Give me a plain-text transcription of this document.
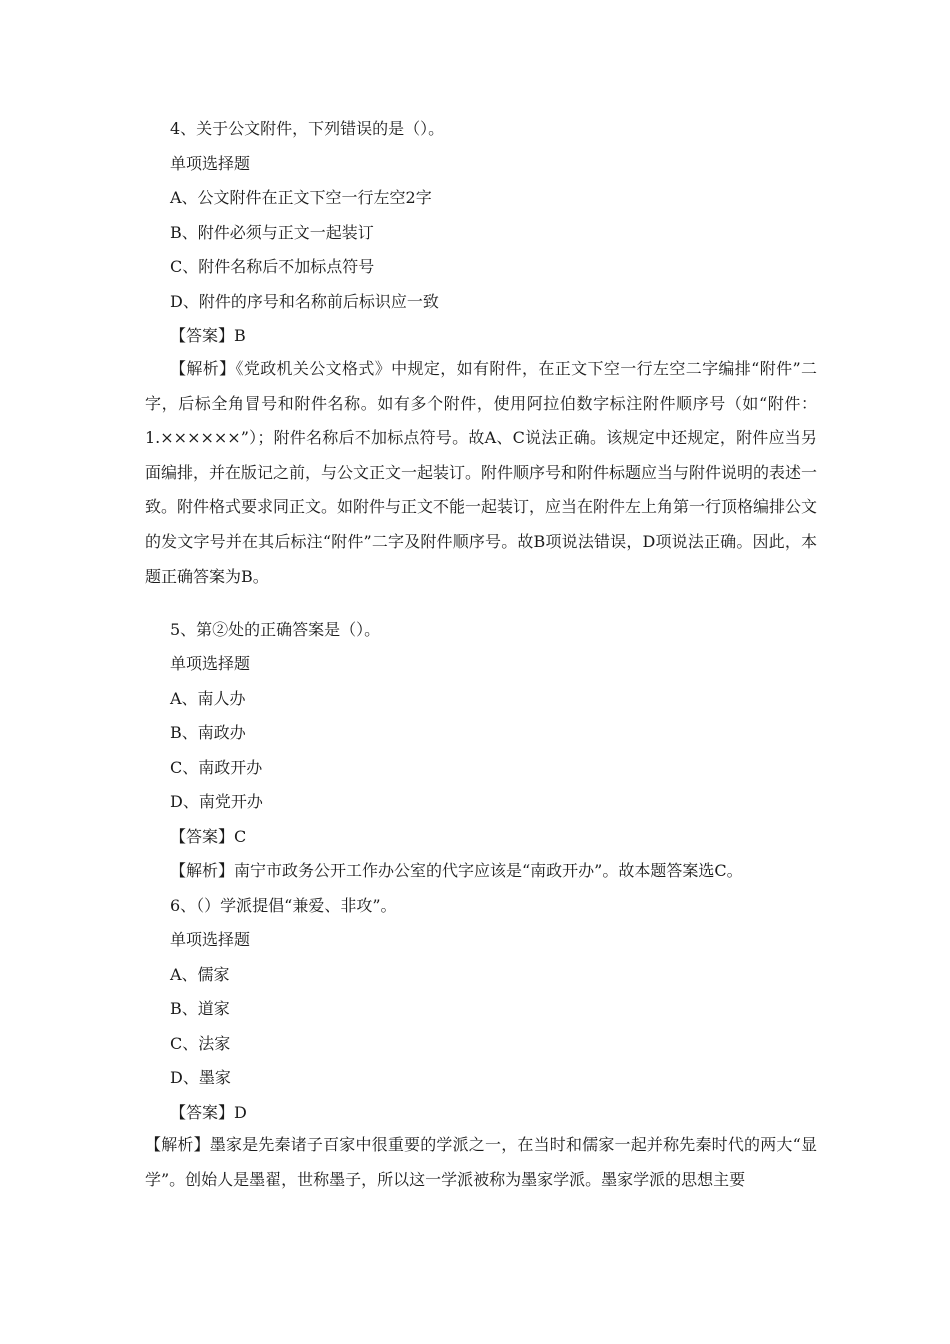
4、关于公文附件，下列错误的是（）。
单项选择题
A、公文附件在正文下空一行左空2字
B、附件必须与正文一起装订
C、附件名称后不加标点符号
D、附件的序号和名称前后标识应一致
【答案】B

【解析】《党政机关公文格式》中规定，如有附件，在正文下空一行左空二字编排“附件”二字，后标全角冒号和附件名称。如有多个附件，使用阿拉伯数字标注附件顺序号（如“附件：1.××××××”）；附件名称后不加标点符号。故A、C说法正确。该规定中还规定，附件应当另面编排，并在版记之前，与公文正文一起装订。附件顺序号和附件标题应当与附件说明的表述一致。附件格式要求同正文。如附件与正文不能一起装订，应当在附件左上角第一行顶格编排公文的发文字号并在其后标注“附件”二字及附件顺序号。故B项说法错误，D项说法正确。因此，本题正确答案为B。

5、第②处的正确答案是（）。
单项选择题
A、南人办
B、南政办
C、南政开办
D、南党开办
【答案】C
【解析】南宁市政务公开工作办公室的代字应该是“南政开办”。故本题答案选C。
6、（）学派提倡“兼爱、非攻”。
单项选择题
A、儒家
B、道家
C、法家
D、墨家
【答案】D

【解析】墨家是先秦诸子百家中很重要的学派之一，在当时和儒家一起并称先秦时代的两大“显学”。创始人是墨翟，世称墨子，所以这一学派被称为墨家学派。墨家学派的思想主要
